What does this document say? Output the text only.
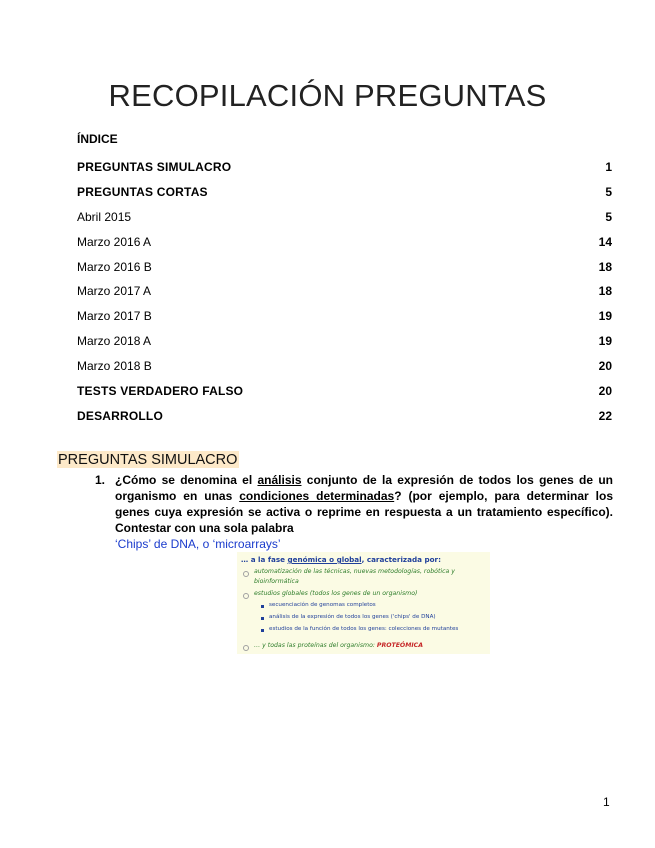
RECOPILACIÓN PREGUNTAS
ÍNDICE
PREGUNTAS SIMULACRO	1
PREGUNTAS CORTAS	5
Abril 2015	5
Marzo 2016 A	14
Marzo 2016 B	18
Marzo 2017 A	18
Marzo 2017 B	19
Marzo 2018 A	19
Marzo 2018 B	20
TESTS VERDADERO FALSO	20
DESARROLLO	22
PREGUNTAS SIMULACRO
1. ¿Cómo se denomina el análisis conjunto de la expresión de todos los genes de un organismo en unas condiciones determinadas? (por ejemplo, para determinar los genes cuya expresión se activa o reprime en respuesta a un tratamiento específico). Contestar con una sola palabra
‘Chips’ de DNA, o ‘microarrays’
… a la fase genómica o global, caracterizada por:
automatización de las técnicas, nuevas metodologías, robótica y
bioinformática
estudios globales (todos los genes de un organismo)
secuenciación de genomas completos
análisis de la expresión de todos los genes ('chips' de DNA)
estudios de la función de todos los genes: colecciones de mutantes
… y todas las proteínas del organismo: PROTEÓMICA
1
